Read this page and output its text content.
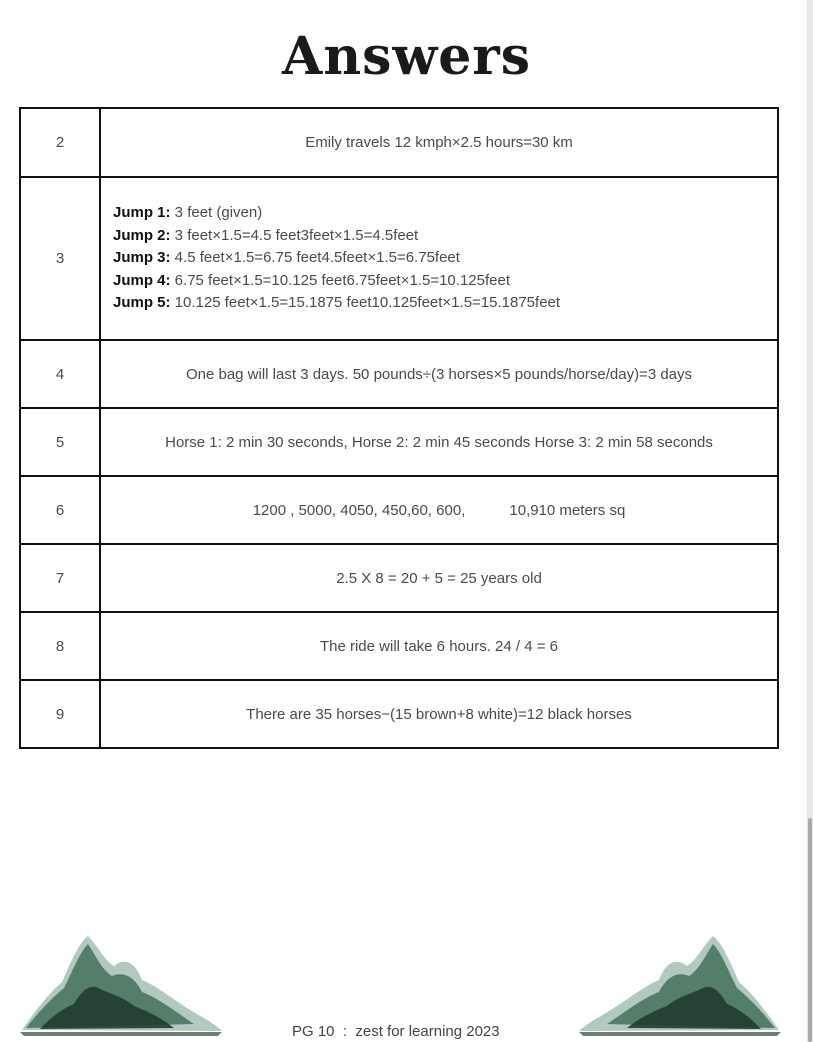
Answers
2	Emily travels 12 kmph×2.5 hours=30 km
3	Jump 1: 3 feet (given)
Jump 2: 3 feet×1.5=4.5 feet3feet×1.5=4.5feet
Jump 3: 4.5 feet×1.5=6.75 feet4.5feet×1.5=6.75feet
Jump 4: 6.75 feet×1.5=10.125 feet6.75feet×1.5=10.125feet
Jump 5: 10.125 feet×1.5=15.1875 feet10.125feet×1.5=15.1875feet

4	One bag will last 3 days. 50 pounds÷(3 horses×5 pounds/horse/day)=3 days
5	Horse 1: 2 min 30 seconds, Horse 2: 2 min 45 seconds Horse 3: 2 min 58 seconds
6	1200 , 5000, 4050, 450,60, 600, 10,910 meters sq
7	2.5 X 8 = 20 + 5 = 25 years old
8	The ride will take 6 hours. 24 / 4 = 6
9	There are 35 horses−(15 brown+8 white)=12 black horses
PG 10  :  zest for learning 2023
